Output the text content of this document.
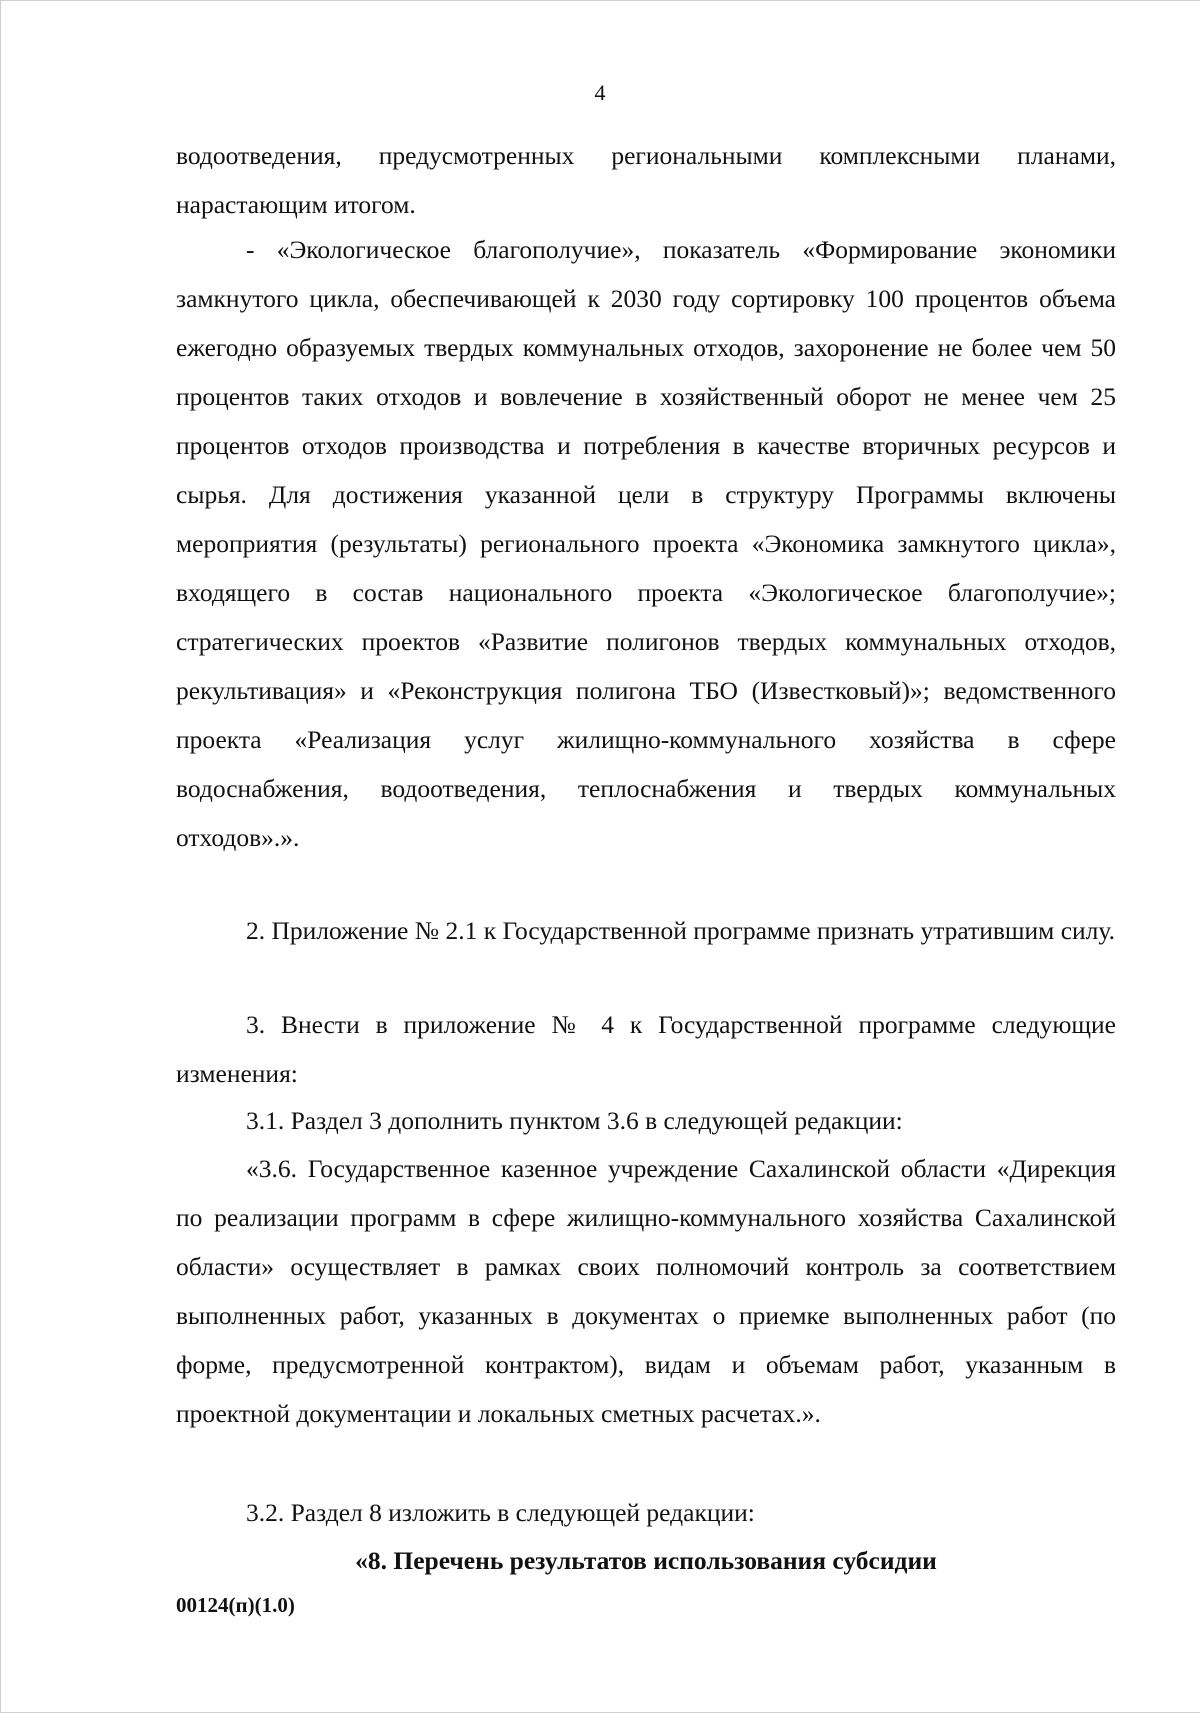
4
водоотведения, предусмотренных региональными комплексными планами, нарастающим итогом.
- «Экологическое благополучие», показатель «Формирование экономики замкнутого цикла, обеспечивающей к 2030 году сортировку 100 процентов объема ежегодно образуемых твердых коммунальных отходов, захоронение не более чем 50 процентов таких отходов и вовлечение в хозяйственный оборот не менее чем 25 процентов отходов производства и потребления в качестве вторичных ресурсов и сырья. Для достижения указанной цели в структуру Программы включены мероприятия (результаты) регионального проекта «Экономика замкнутого цикла», входящего в состав национального проекта «Экологическое благополучие»; стратегических проектов «Развитие полигонов твердых коммунальных отходов, рекультивация» и «Реконструкция полигона ТБО (Известковый)»; ведомственного проекта «Реализация услуг жилищно-коммунального хозяйства в сфере водоснабжения, водоотведения, теплоснабжения и твердых коммунальных отходов».».
2. Приложение № 2.1 к Государственной программе признать утратившим силу.
3. Внести в приложение № 4 к Государственной программе следующие изменения:
3.1. Раздел 3 дополнить пунктом 3.6 в следующей редакции:
«3.6. Государственное казенное учреждение Сахалинской области «Дирекция по реализации программ в сфере жилищно-коммунального хозяйства Сахалинской области» осуществляет в рамках своих полномочий контроль за соответствием выполненных работ, указанных в документах о приемке выполненных работ (по форме, предусмотренной контрактом), видам и объемам работ, указанным в проектной документации и локальных сметных расчетах.».
3.2. Раздел 8 изложить в следующей редакции:
«8. Перечень результатов использования субсидии
00124(п)(1.0)
